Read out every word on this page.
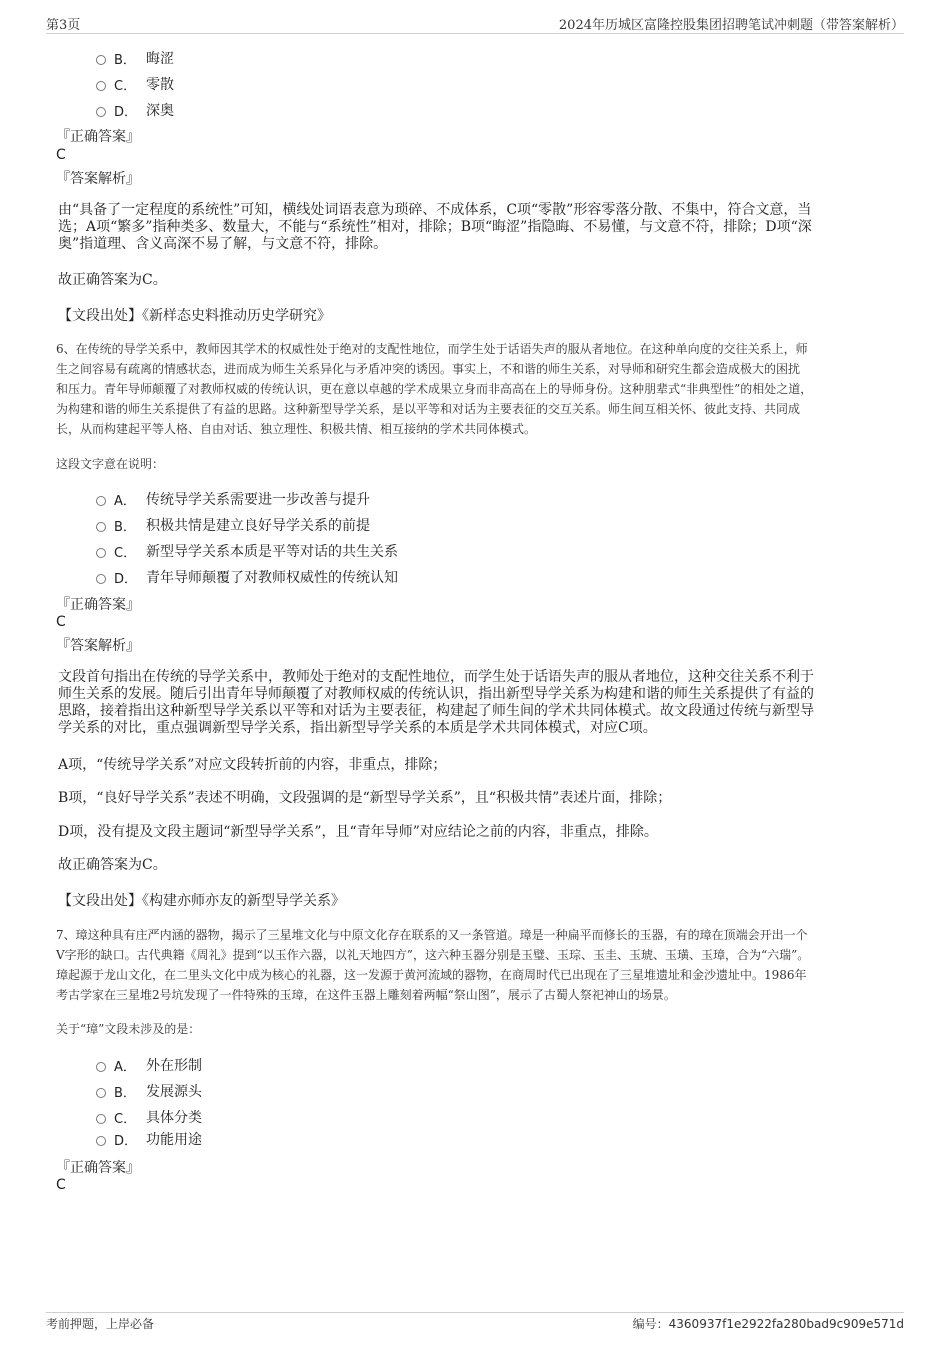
第3页	2024年历城区富隆控股集团招聘笔试冲刺题（带答案解析）
B． 晦涩
C． 零散
D． 深奥
『正确答案』
C
『答案解析』
由“具备了一定程度的系统性”可知，横线处词语表意为琐碎、不成体系，C项“零散”形容零落分散、不集中，符合文意，当
选；A项“繁多”指种类多、数量大，不能与“系统性”相对，排除；B项“晦涩”指隐晦、不易懂，与文意不符，排除；D项“深
奥”指道理、含义高深不易了解，与文意不符，排除。
故正确答案为C。
【文段出处】《新样态史料推动历史学研究》
6、在传统的导学关系中，教师因其学术的权威性处于绝对的支配性地位，而学生处于话语失声的服从者地位。在这种单向度的交往关系上，师
生之间容易有疏离的情感状态，进而成为师生关系异化与矛盾冲突的诱因。事实上，不和谐的师生关系，对导师和研究生都会造成极大的困扰
和压力。青年导师颠覆了对教师权威的传统认识，更在意以卓越的学术成果立身而非高高在上的导师身份。这种朋辈式“非典型性”的相处之道，
为构建和谐的师生关系提供了有益的思路。这种新型导学关系，是以平等和对话为主要表征的交互关系。师生间互相关怀、彼此支持、共同成
长，从而构建起平等人格、自由对话、独立理性、积极共情、相互接纳的学术共同体模式。
这段文字意在说明：
A． 传统导学关系需要进一步改善与提升
B． 积极共情是建立良好导学关系的前提
C． 新型导学关系本质是平等对话的共生关系
D． 青年导师颠覆了对教师权威性的传统认知
『正确答案』
C
『答案解析』
文段首句指出在传统的导学关系中，教师处于绝对的支配性地位，而学生处于话语失声的服从者地位，这种交往关系不利于
师生关系的发展。随后引出青年导师颠覆了对教师权威的传统认识，指出新型导学关系为构建和谐的师生关系提供了有益的
思路，接着指出这种新型导学关系以平等和对话为主要表征，构建起了师生间的学术共同体模式。故文段通过传统与新型导
学关系的对比，重点强调新型导学关系，指出新型导学关系的本质是学术共同体模式，对应C项。
A项，“传统导学关系”对应文段转折前的内容，非重点，排除；
B项，“良好导学关系”表述不明确，文段强调的是“新型导学关系”，且“积极共情”表述片面，排除；
D项，没有提及文段主题词“新型导学关系”，且“青年导师”对应结论之前的内容，非重点，排除。
故正确答案为C。
【文段出处】《构建亦师亦友的新型导学关系》
7、璋这种具有庄严内涵的器物，揭示了三星堆文化与中原文化存在联系的又一条管道。璋是一种扁平而修长的玉器，有的璋在顶端会开出一个
V字形的缺口。古代典籍《周礼》提到“以玉作六器，以礼天地四方”，这六种玉器分别是玉璧、玉琮、玉圭、玉琥、玉璜、玉璋，合为“六瑞”。
璋起源于龙山文化，在二里头文化中成为核心的礼器，这一发源于黄河流域的器物，在商周时代已出现在了三星堆遗址和金沙遗址中。1986年
考古学家在三星堆2号坑发现了一件特殊的玉璋，在这件玉器上雕刻着两幅“祭山图”，展示了古蜀人祭祀神山的场景。
关于“璋”文段未涉及的是：
A． 外在形制
B． 发展源头
C． 具体分类
D． 功能用途
『正确答案』
C
考前押题，上岸必备	编号：4360937f1e2922fa280bad9c909e571d
